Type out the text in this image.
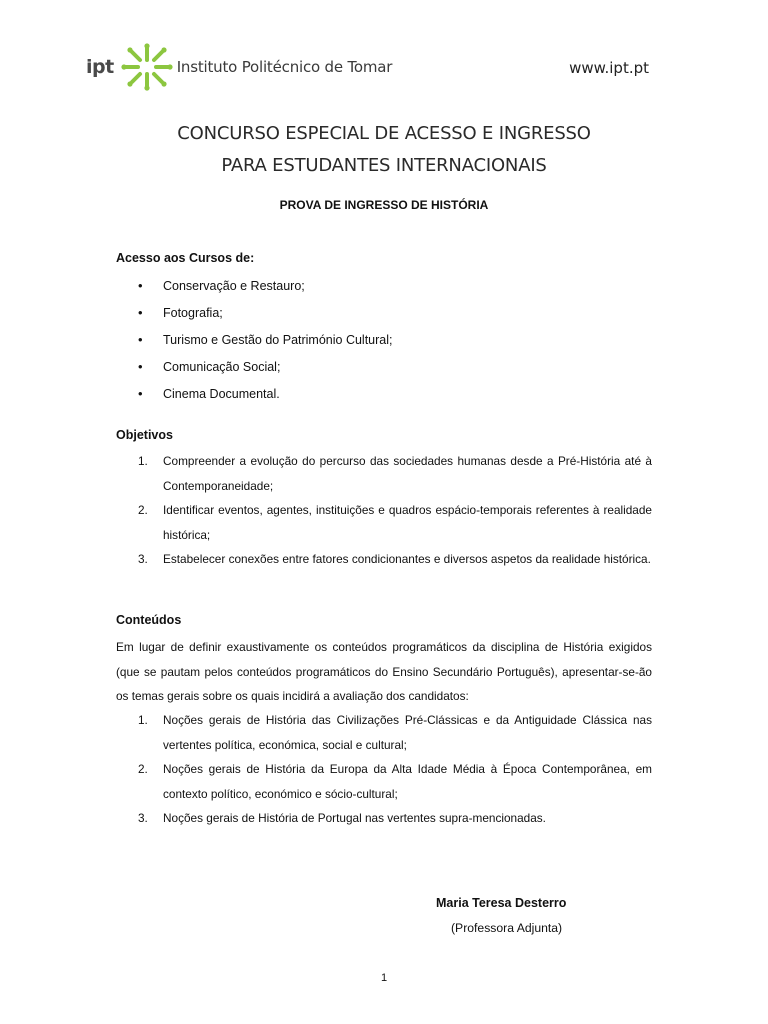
ipt	Instituto Politécnico de Tomar	www.ipt.pt
CONCURSO ESPECIAL DE ACESSO E INGRESSO
PARA ESTUDANTES INTERNACIONAIS
PROVA DE INGRESSO DE HISTÓRIA
Acesso aos Cursos de:
• Conservação e Restauro;
• Fotografia;
• Turismo e Gestão do Património Cultural;
• Comunicação Social;
• Cinema Documental.
Objetivos
1. Compreender a evolução do percurso das sociedades humanas desde a Pré-História até à Contemporaneidade;
2. Identificar eventos, agentes, instituições e quadros espácio-temporais referentes à realidade histórica;
3. Estabelecer conexões entre fatores condicionantes e diversos aspetos da realidade histórica.
Conteúdos
Em lugar de definir exaustivamente os conteúdos programáticos da disciplina de História exigidos (que se pautam pelos conteúdos programáticos do Ensino Secundário Português), apresentar-se-ão os temas gerais sobre os quais incidirá a avaliação dos candidatos:
1. Noções gerais de História das Civilizações Pré-Clássicas e da Antiguidade Clássica nas vertentes política, económica, social e cultural;
2. Noções gerais de História da Europa da Alta Idade Média à Época Contemporânea, em contexto político, económico e sócio-cultural;
3. Noções gerais de História de Portugal nas vertentes supra-mencionadas.
Maria Teresa Desterro
(Professora Adjunta)
1
